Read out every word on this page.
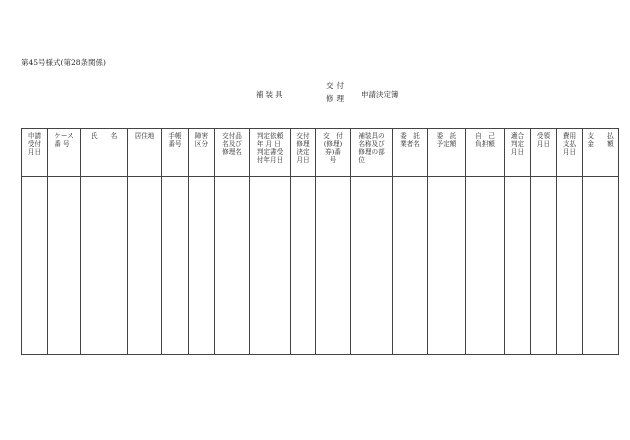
第45号様式(第28条関係)
補装具
交付
修理 申請決定簿
申請
受付
月日	ケース
番 号	氏　　名	居住地	手帳
番号	障害
区分	交付品
名及び
修理名	判定依頼
年 月 日
判定書受
付年月日	交付
修理
決定
月日	交　付
(修理)
券)番
号	補装具の
名称及び
修理の部
位	委　託
業者名	委　託
予定額	自　己
負担額	適合
判定
月日	受領
月日	費用
支払
月日	支　　払
金　　額
